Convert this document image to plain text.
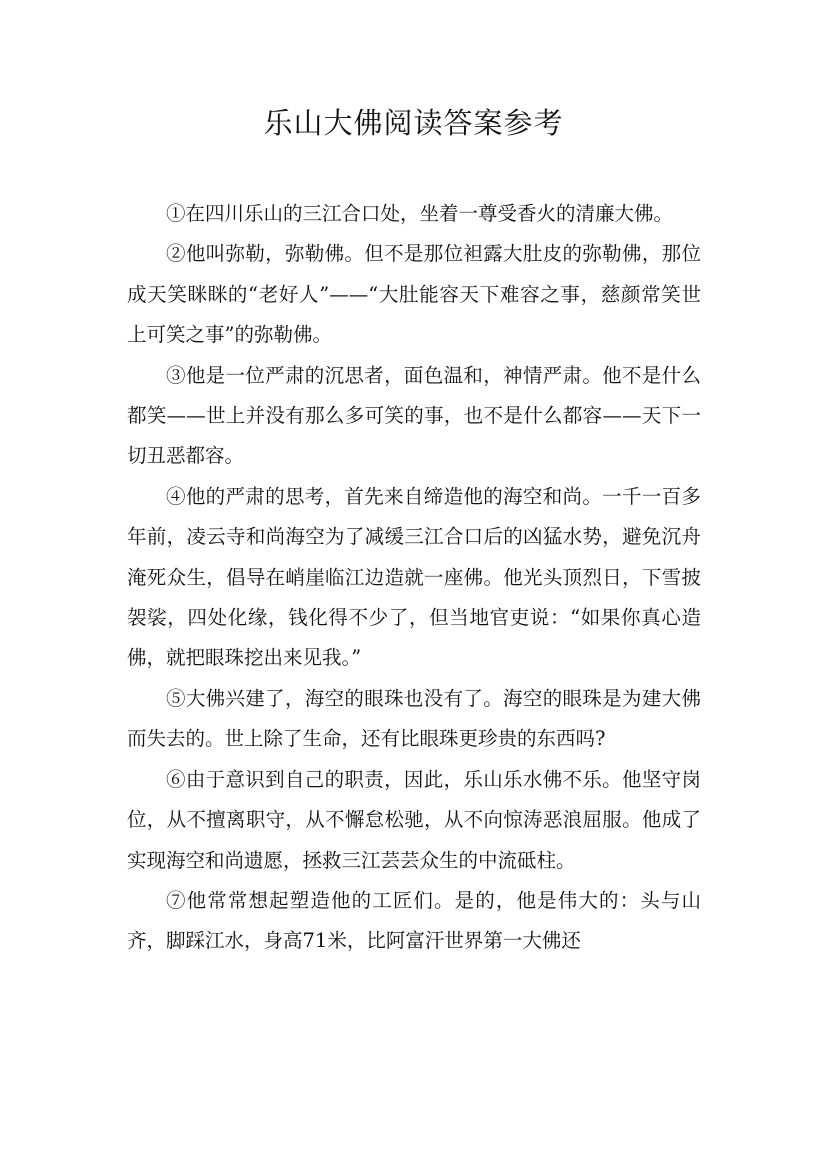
乐山大佛阅读答案参考

①在四川乐山的三江合口处，坐着一尊受香火的清廉大佛。

②他叫弥勒，弥勒佛。但不是那位袒露大肚皮的弥勒佛，那位成天笑眯眯的“老好人”——“大肚能容天下难容之事，慈颜常笑世上可笑之事”的弥勒佛。

③他是一位严肃的沉思者，面色温和，神情严肃。他不是什么都笑——世上并没有那么多可笑的事，也不是什么都容——天下一切丑恶都容。

④他的严肃的思考，首先来自缔造他的海空和尚。一千一百多年前，凌云寺和尚海空为了减缓三江合口后的凶猛水势，避免沉舟淹死众生，倡导在峭崖临江边造就一座佛。他光头顶烈日，下雪披袈裟，四处化缘，钱化得不少了，但当地官吏说：“如果你真心造佛，就把眼珠挖出来见我。”

⑤大佛兴建了，海空的眼珠也没有了。海空的眼珠是为建大佛而失去的。世上除了生命，还有比眼珠更珍贵的东西吗?

⑥由于意识到自己的职责，因此，乐山乐水佛不乐。他坚守岗位，从不擅离职守，从不懈怠松驰，从不向惊涛恶浪屈服。他成了实现海空和尚遗愿，拯救三江芸芸众生的中流砥柱。

⑦他常常想起塑造他的工匠们。是的，他是伟大的：头与山齐，脚踩江水，身高71米，比阿富汗世界第一大佛还
